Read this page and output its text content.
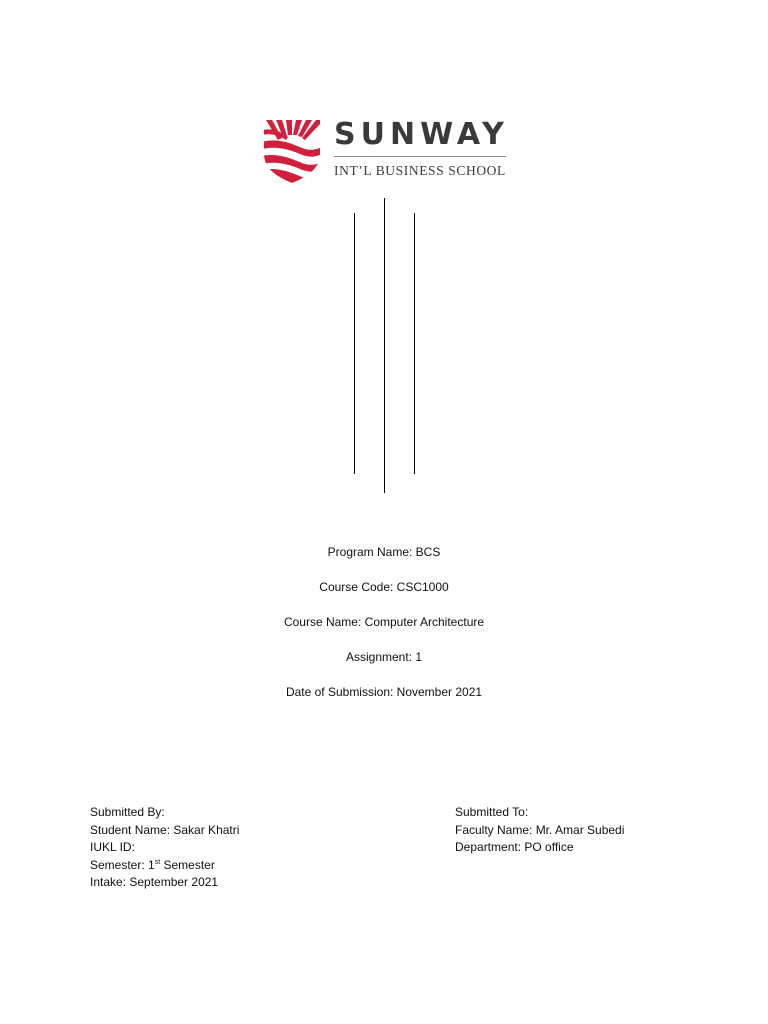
SUNWAY
INT’L BUSINESS SCHOOL
Program Name: BCS
Course Code: CSC1000
Course Name: Computer Architecture
Assignment: 1
Date of Submission: November 2021
Submitted By:
Student Name: Sakar Khatri
IUKL ID:
Semester: 1st Semester
Intake: September 2021
Submitted To:
Faculty Name: Mr. Amar Subedi
Department: PO office
